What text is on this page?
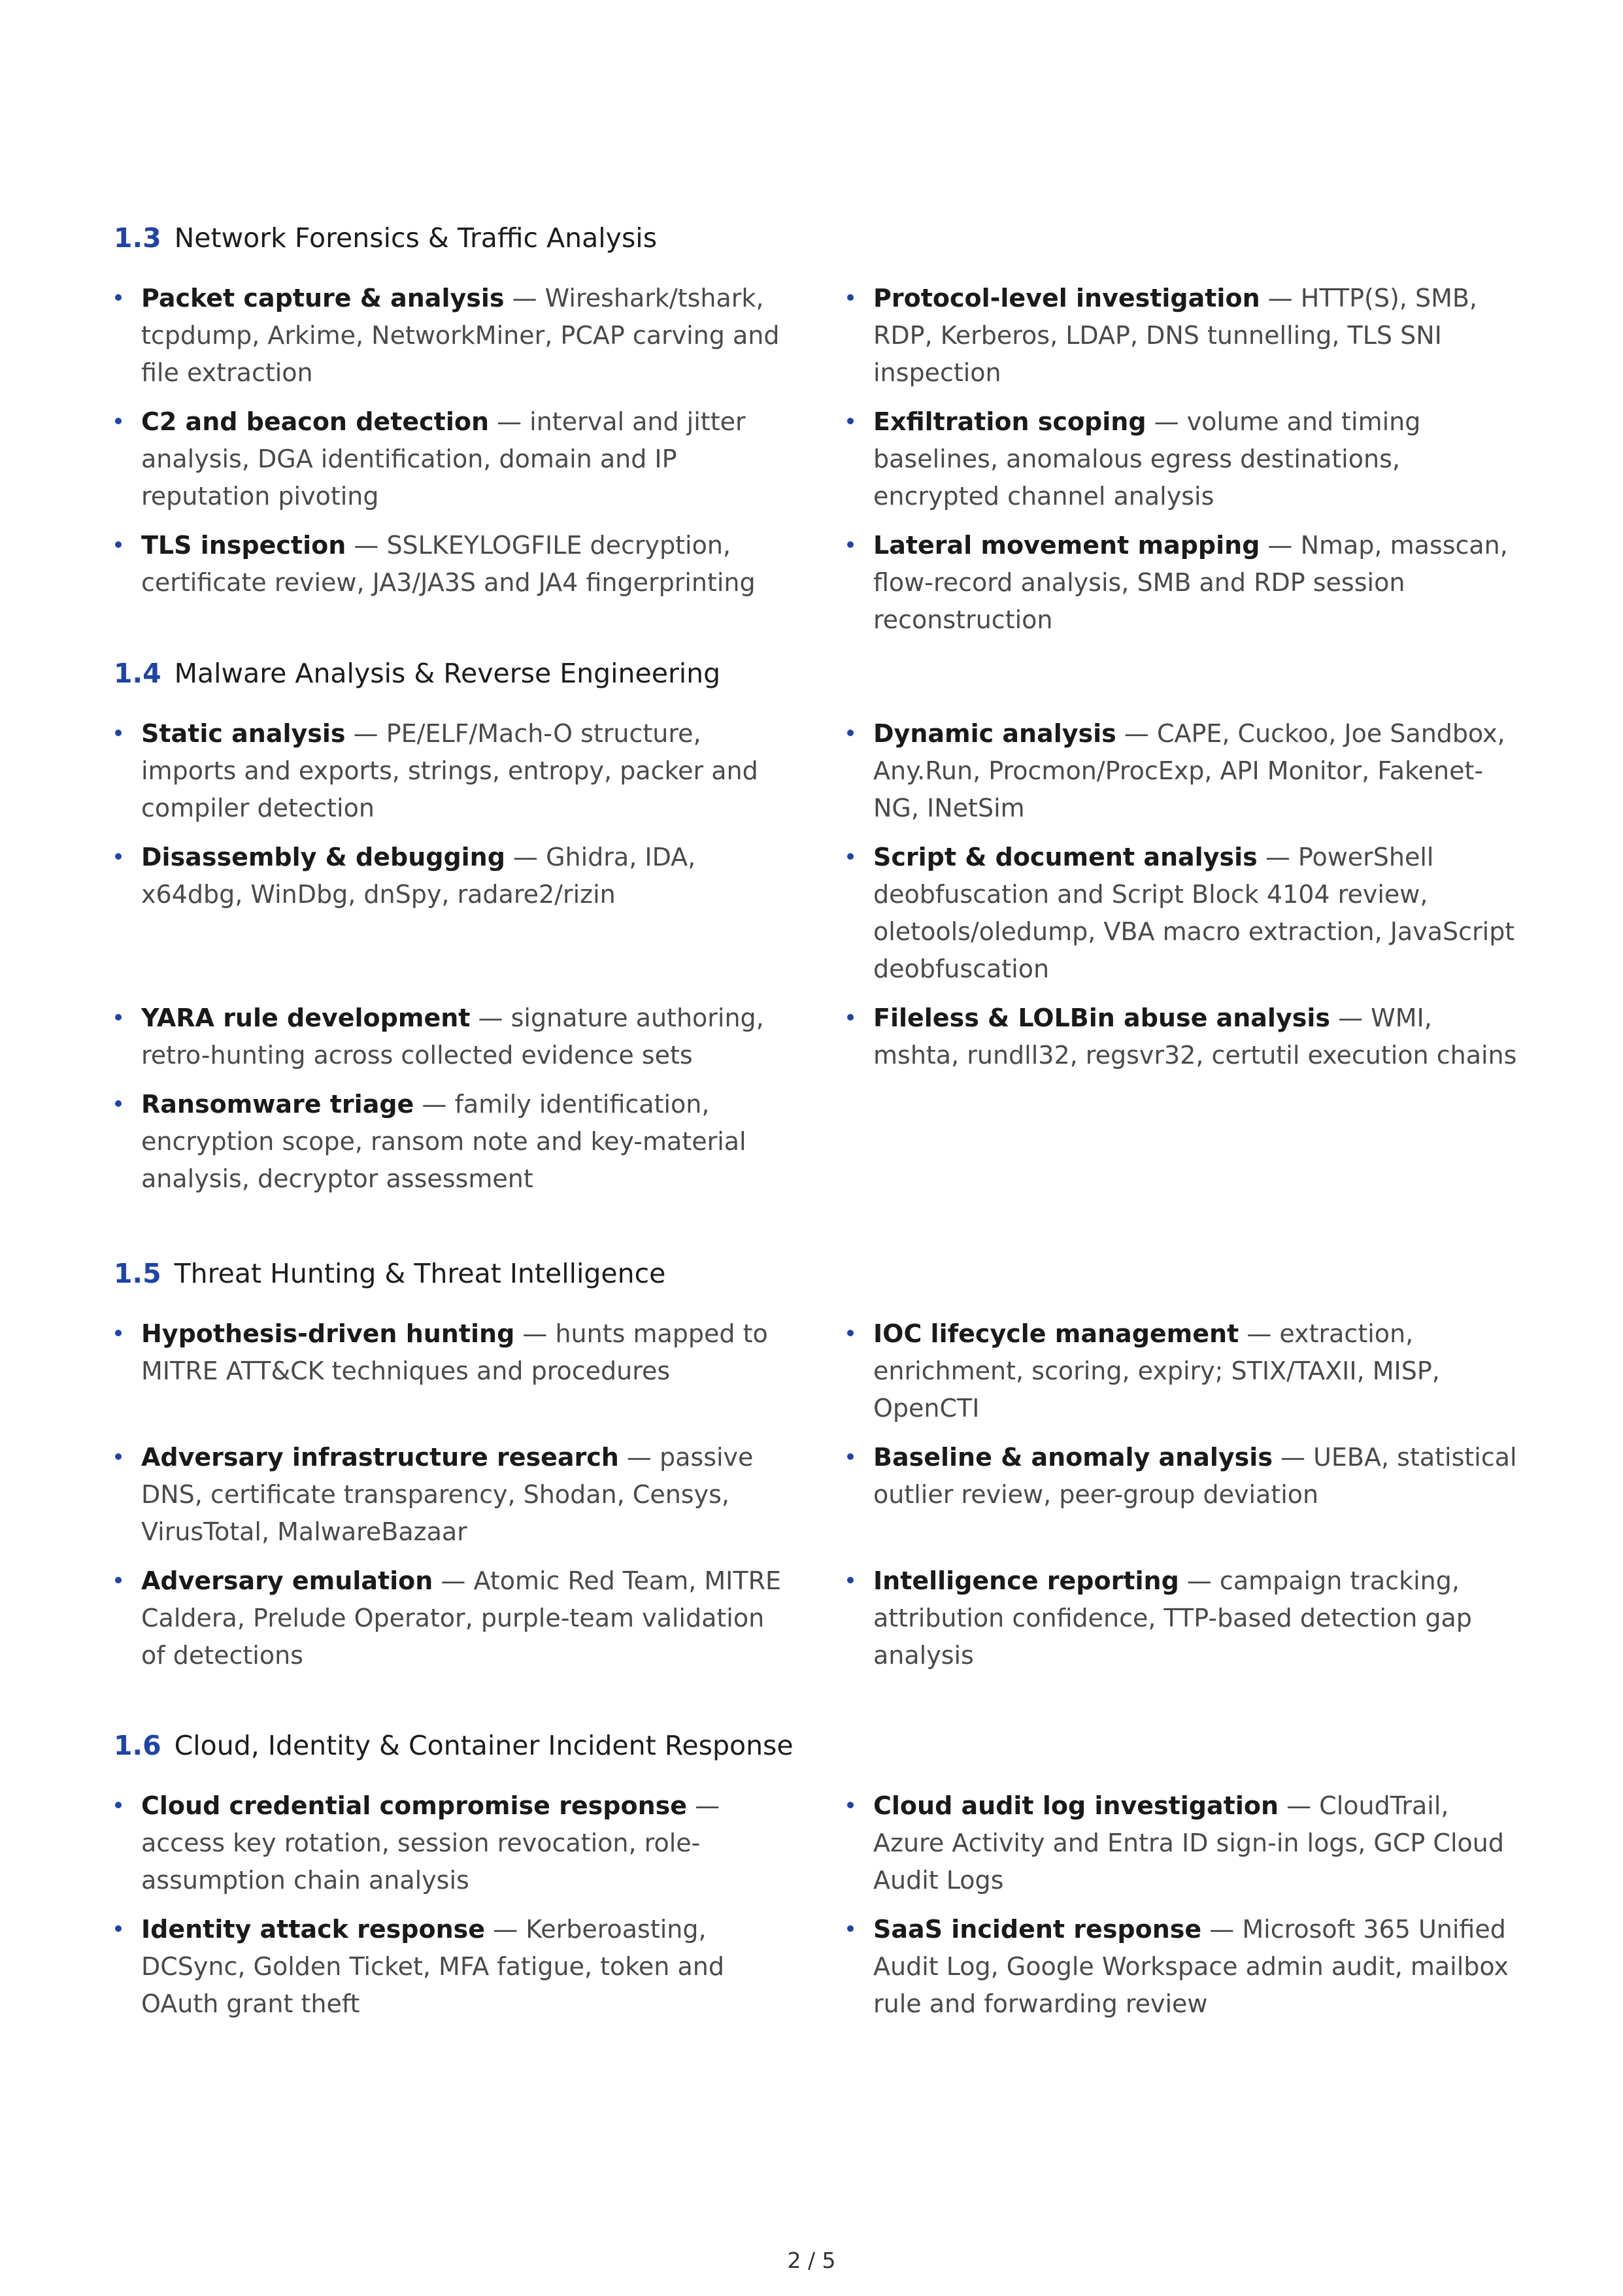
1.3 Network Forensics & Traffic Analysis
Packet capture & analysis — Wireshark/tshark, tcpdump, Arkime, NetworkMiner, PCAP carving and file extraction
Protocol-level investigation — HTTP(S), SMB, RDP, Kerberos, LDAP, DNS tunnelling, TLS SNI inspection
C2 and beacon detection — interval and jitter analysis, DGA identification, domain and IP reputation pivoting
Exfiltration scoping — volume and timing baselines, anomalous egress destinations, encrypted channel analysis
TLS inspection — SSLKEYLOGFILE decryption, certificate review, JA3/JA3S and JA4 fingerprinting
Lateral movement mapping — Nmap, masscan, flow-record analysis, SMB and RDP session reconstruction
1.4 Malware Analysis & Reverse Engineering
Static analysis — PE/ELF/Mach-O structure, imports and exports, strings, entropy, packer and compiler detection
Dynamic analysis — CAPE, Cuckoo, Joe Sandbox, Any.Run, Procmon/ProcExp, API Monitor, Fakenet-NG, INetSim
Disassembly & debugging — Ghidra, IDA, x64dbg, WinDbg, dnSpy, radare2/rizin
Script & document analysis — PowerShell deobfuscation and Script Block 4104 review, oletools/oledump, VBA macro extraction, JavaScript deobfuscation
YARA rule development — signature authoring, retro-hunting across collected evidence sets
Fileless & LOLBin abuse analysis — WMI, mshta, rundll32, regsvr32, certutil execution chains
Ransomware triage — family identification, encryption scope, ransom note and key-material analysis, decryptor assessment
1.5 Threat Hunting & Threat Intelligence
Hypothesis-driven hunting — hunts mapped to MITRE ATT&CK techniques and procedures
IOC lifecycle management — extraction, enrichment, scoring, expiry; STIX/TAXII, MISP, OpenCTI
Adversary infrastructure research — passive DNS, certificate transparency, Shodan, Censys, VirusTotal, MalwareBazaar
Baseline & anomaly analysis — UEBA, statistical outlier review, peer-group deviation
Adversary emulation — Atomic Red Team, MITRE Caldera, Prelude Operator, purple-team validation of detections
Intelligence reporting — campaign tracking, attribution confidence, TTP-based detection gap analysis
1.6 Cloud, Identity & Container Incident Response
Cloud credential compromise response — access key rotation, session revocation, role-assumption chain analysis
Cloud audit log investigation — CloudTrail, Azure Activity and Entra ID sign-in logs, GCP Cloud Audit Logs
Identity attack response — Kerberoasting, DCSync, Golden Ticket, MFA fatigue, token and OAuth grant theft
SaaS incident response — Microsoft 365 Unified Audit Log, Google Workspace admin audit, mailbox rule and forwarding review
2 / 5
